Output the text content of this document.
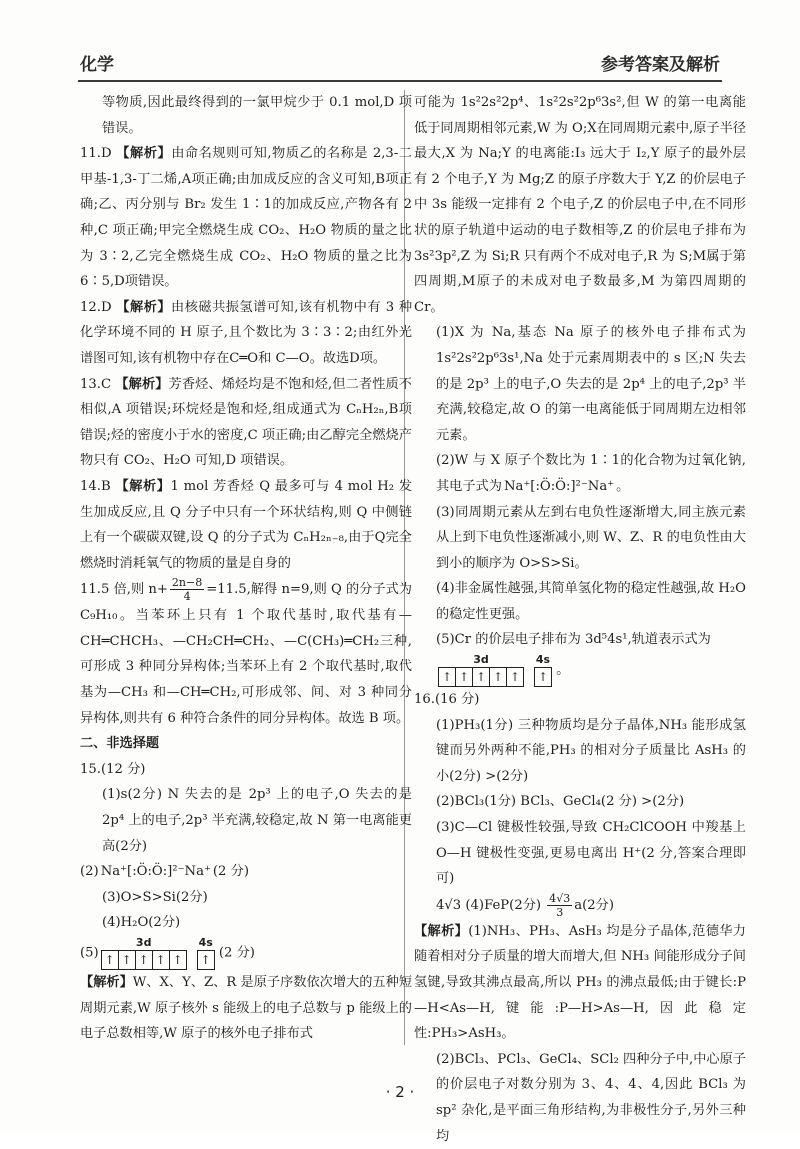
化学	参考答案及解析

等物质,因此最终得到的一氯甲烷少于 0.1 mol,D 项错误。

11.D 【解析】由命名规则可知,物质乙的名称是 2,3-二甲基-1,3-丁二烯,A项正确;由加成反应的含义可知,B项正确;乙、丙分别与 Br₂ 发生 1∶1的加成反应,产物各有 2 种,C 项正确;甲完全燃烧生成 CO₂、H₂O 物质的量之比为 3∶2,乙完全燃烧生成 CO₂、H₂O 物质的量之比为 6∶5,D项错误。

12.D 【解析】由核磁共振氢谱可知,该有机物中有 3 种化学环境不同的 H 原子,且个数比为 3∶3∶2;由红外光谱图可知,该有机物中存在C═O和 C—O。故选D项。

13.C 【解析】芳香烃、烯烃均是不饱和烃,但二者性质不相似,A 项错误;环烷烃是饱和烃,组成通式为 CₙH₂ₙ,B项错误;烃的密度小于水的密度,C 项正确;由乙醇完全燃烧产物只有 CO₂、H₂O 可知,D 项错误。

14.B 【解析】1 mol 芳香烃 Q 最多可与 4 mol H₂ 发生加成反应,且 Q 分子中只有一个环状结构,则 Q 中侧链上有一个碳碳双键,设 Q 的分子式为 CₙH₂ₙ₋₈,由于Q完全燃烧时消耗氧气的物质的量是自身的

11.5 倍,则 $n+ \frac{2n-8}{4} =11.5$,解得 n=9,则 Q 的分子式为 C₉H₁₀。当苯环上只有 1 个取代基时,取代基有—CH═CHCH₃、—CH₂CH═CH₂、—C(CH₃)═CH₂三种,可形成 3 种同分异构体;当苯环上有 2 个取代基时,取代基为—CH₃ 和—CH═CH₂,可形成邻、间、对 3 种同分异构体,则共有 6 种符合条件的同分异构体。故选 B 项。

二、非选择题

15.(12 分)

(1)s(2分) N 失去的是 2p³ 上的电子,O 失去的是 2p⁴ 上的电子,2p³ 半充满,较稳定,故 N 第一电离能更高(2分)

(2) Na⁺[:Ö:Ö:]²⁻Na⁺ (2 分)

(3)O>S>Si(2分)

(4)H₂O(2分)

(5)
3d
↑ ↑ ↑ ↑ ↑
4s
↑ (2 分)

【解析】W、X、Y、Z、R 是原子序数依次增大的五种短周期元素,W 原子核外 s 能级上的电子总数与 p 能级上的电子总数相等,W 原子的核外电子排布式

可能为 1s²2s²2p⁴、1s²2s²2p⁶3s²,但 W 的第一电离能低于同周期相邻元素,W 为 O;X在同周期元素中,原子半径最大,X 为 Na;Y 的电离能:I₃ 远大于 I₂,Y 原子的最外层有 2 个电子,Y 为 Mg;Z 的原子序数大于 Y,Z 的价层电子中 3s 能级一定排有 2 个电子,Z 的价层电子中,在不同形状的原子轨道中运动的电子数相等,Z 的价层电子排布为 3s²3p²,Z 为 Si;R 只有两个不成对电子,R 为 S;M属于第四周期,M原子的未成对电子数最多,M 为第四周期的 Cr。

(1)X 为 Na,基态 Na 原子的核外电子排布式为 1s²2s²2p⁶3s¹,Na 处于元素周期表中的 s 区;N 失去的是 2p³ 上的电子,O 失去的是 2p⁴ 上的电子,2p³ 半充满,较稳定,故 O 的第一电离能低于同周期左边相邻元素。

(2)W 与 X 原子个数比为 1∶1的化合物为过氧化钠,其电子式为 Na⁺[:Ö:Ö:]²⁻Na⁺ 。

(3)同周期元素从左到右电负性逐渐增大,同主族元素从上到下电负性逐渐减小,则 W、Z、R 的电负性由大到小的顺序为 O>S>Si。

(4)非金属性越强,其简单氢化物的稳定性越强,故 H₂O 的稳定性更强。

(5)Cr 的价层电子排布为 3d⁵4s¹,轨道表示式为

3d
↑ ↑ ↑ ↑ ↑
4s
↑ 。

16.(16 分)

(1)PH₃(1分) 三种物质均是分子晶体,NH₃ 能形成氢键而另外两种不能,PH₃ 的相对分子质量比 AsH₃ 的小(2分) >(2分)

(2)BCl₃(1分) BCl₃、GeCl₄(2 分) >(2分)

(3)C—Cl 键极性较强,导致 CH₂ClCOOH 中羧基上 O—H 键极性变强,更易电离出 H⁺(2 分,答案合理即可)

4√3 (4)FeP(2分) $\frac{4√3}{3} a(2$分)

【解析】(1)NH₃、PH₃、AsH₃ 均是分子晶体,范德华力随着相对分子质量的增大而增大,但 NH₃ 间能形成分子间氢键,导致其沸点最高,所以 PH₃ 的沸点最低;由于键长:P—H<As—H,键能:P—H>As—H,因此稳定性:PH₃>AsH₃。

(2)BCl₃、PCl₃、GeCl₄、SCl₂ 四种分子中,中心原子的价层电子对数分别为 3、4、4、4,因此 BCl₃ 为 sp² 杂化,是平面三角形结构,为非极性分子,另外三种均

· 2 ·
